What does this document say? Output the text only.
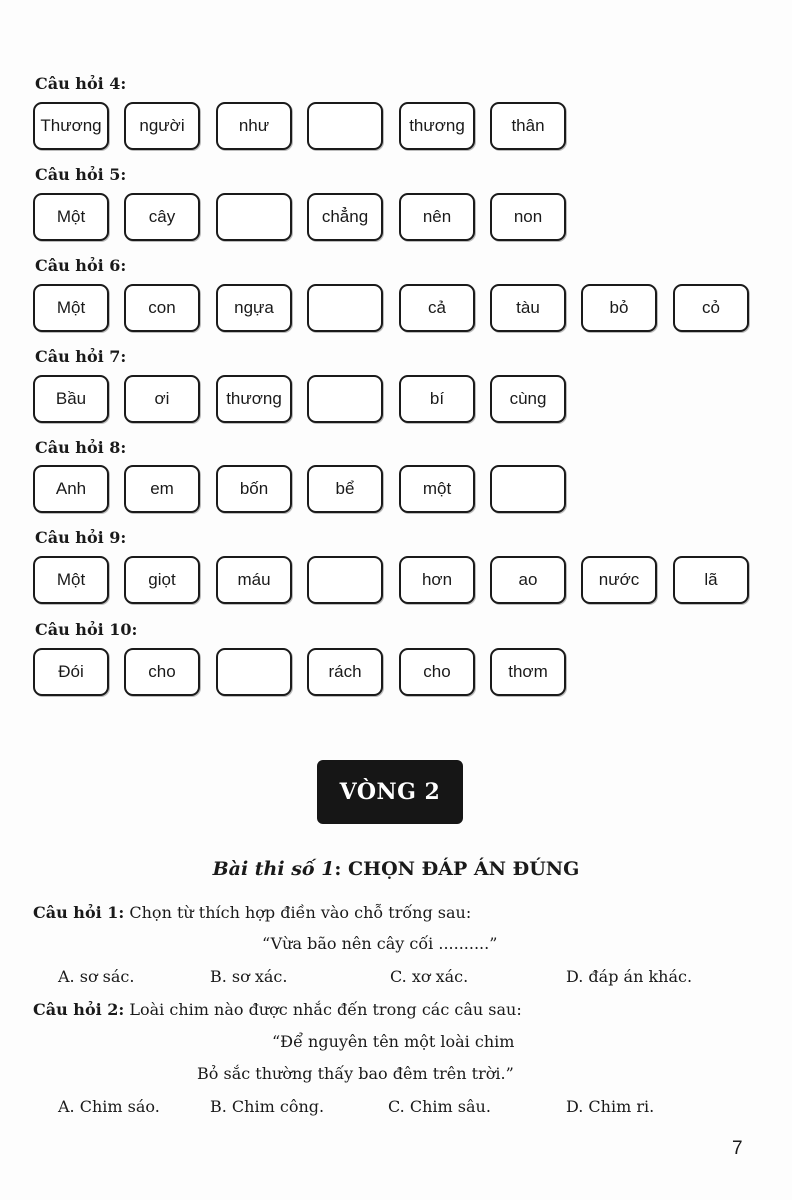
Câu hỏi 4:
Thương	người	như	thương	thân
Câu hỏi 5:
Một	cây	chẳng	nên	non
Câu hỏi 6:
Một	con	ngựa	cả	tàu	bỏ	cỏ
Câu hỏi 7:
Bầu	ơi	thương	bí	cùng
Câu hỏi 8:
Anh	em	bốn	bể	một
Câu hỏi 9:
Một	giọt	máu	hơn	ao	nước	lã
Câu hỏi 10:
Đói	cho	rách	cho	thơm
VÒNG 2
Bài thi số 1: CHỌN ĐÁP ÁN ĐÚNG
Câu hỏi 1: Chọn từ thích hợp điền vào chỗ trống sau:
“Vừa bão nên cây cối ..........”
A. sơ sác.	B. sơ xác.	C. xơ xác.	D. đáp án khác.
Câu hỏi 2: Loài chim nào được nhắc đến trong các câu sau:
“Để nguyên tên một loài chim
Bỏ sắc thường thấy bao đêm trên trời.”
A. Chim sáo.	B. Chim công.	C. Chim sâu.	D. Chim ri.
7
